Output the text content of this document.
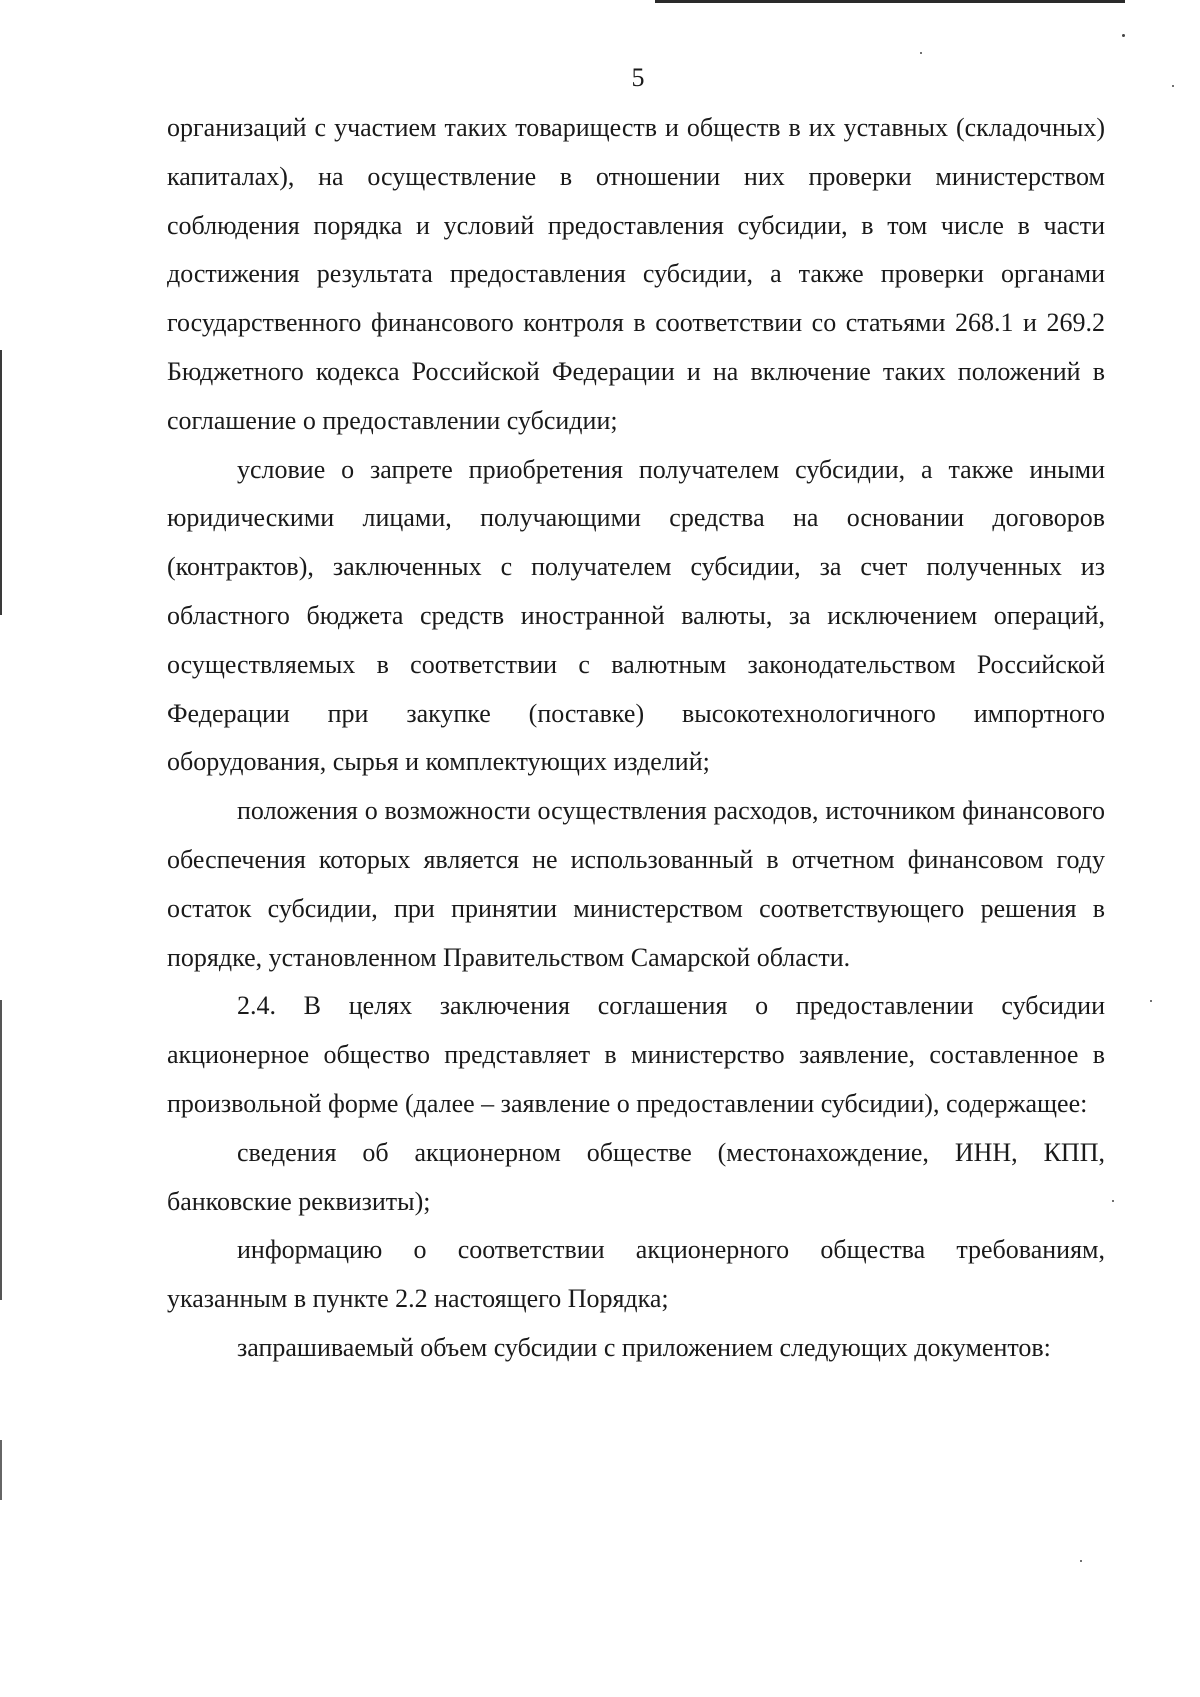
5

организаций с участием таких товариществ и обществ в их уставных (складочных) капиталах), на осуществление в отношении них проверки министерством соблюдения порядка и условий предоставления субсидии, в том числе в части достижения результата предоставления субсидии, а также проверки органами государственного финансового контроля в соответствии со статьями 268.1 и 269.2 Бюджетного кодекса Российской Федерации и на включение таких положений в соглашение о предоставлении субсидии;

условие о запрете приобретения получателем субсидии, а также иными юридическими лицами, получающими средства на основании договоров (контрактов), заключенных с получателем субсидии, за счет полученных из областного бюджета средств иностранной валюты, за исключением операций, осуществляемых в соответствии с валютным законодательством Российской Федерации при закупке (поставке) высокотехнологичного импортного оборудования, сырья и комплектующих изделий;

положения о возможности осуществления расходов, источником финансового обеспечения которых является не использованный в отчетном финансовом году остаток субсидии, при принятии министерством соответствующего решения в порядке, установленном Правительством Самарской области.

2.4. В целях заключения соглашения о предоставлении субсидии акционерное общество представляет в министерство заявление, составленное в произвольной форме (далее – заявление о предоставлении субсидии), содержащее:

сведения об акционерном обществе (местонахождение, ИНН, КПП, банковские реквизиты);

информацию о соответствии акционерного общества требованиям, указанным в пункте 2.2 настоящего Порядка;

запрашиваемый объем субсидии с приложением следующих документов:
